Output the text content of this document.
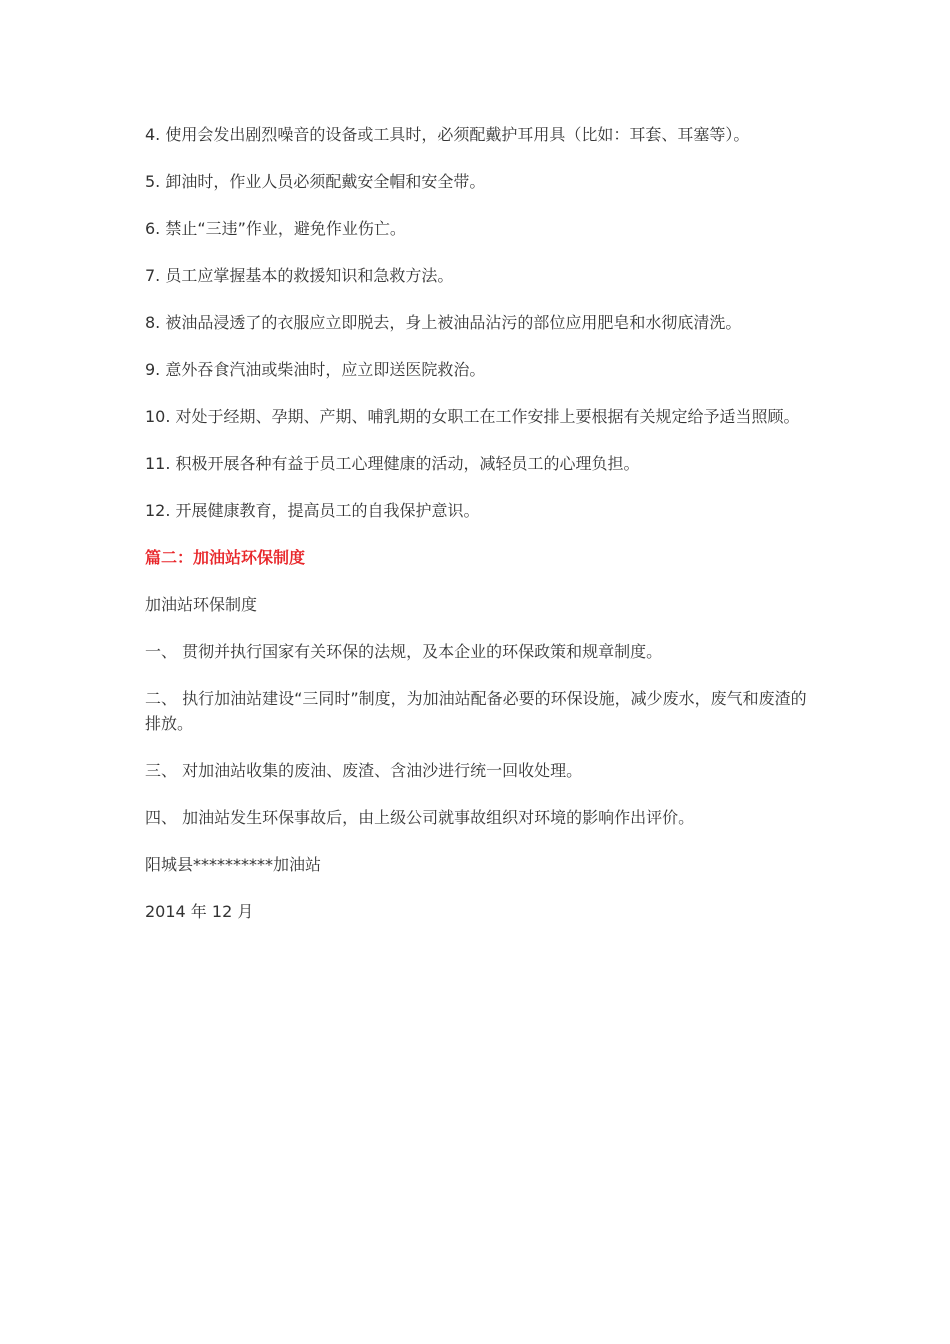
4. 使用会发出剧烈噪音的设备或工具时，必须配戴护耳用具（比如：耳套、耳塞等）。

5. 卸油时，作业人员必须配戴安全帽和安全带。

6. 禁止“三违”作业，避免作业伤亡。

7. 员工应掌握基本的救援知识和急救方法。

8. 被油品浸透了的衣服应立即脱去，身上被油品沾污的部位应用肥皂和水彻底清洗。

9. 意外吞食汽油或柴油时，应立即送医院救治。

10. 对处于经期、孕期、产期、哺乳期的女职工在工作安排上要根据有关规定给予适当照顾。

11. 积极开展各种有益于员工心理健康的活动，减轻员工的心理负担。

12. 开展健康教育，提高员工的自我保护意识。

篇二：加油站环保制度

加油站环保制度

一、 贯彻并执行国家有关环保的法规，及本企业的环保政策和规章制度。

二、 执行加油站建设“三同时”制度，为加油站配备必要的环保设施，减少废水，废气和废渣的排放。

三、 对加油站收集的废油、废渣、含油沙进行统一回收处理。

四、 加油站发生环保事故后，由上级公司就事故组织对环境的影响作出评价。

阳城县**********加油站

2014 年 12 月
